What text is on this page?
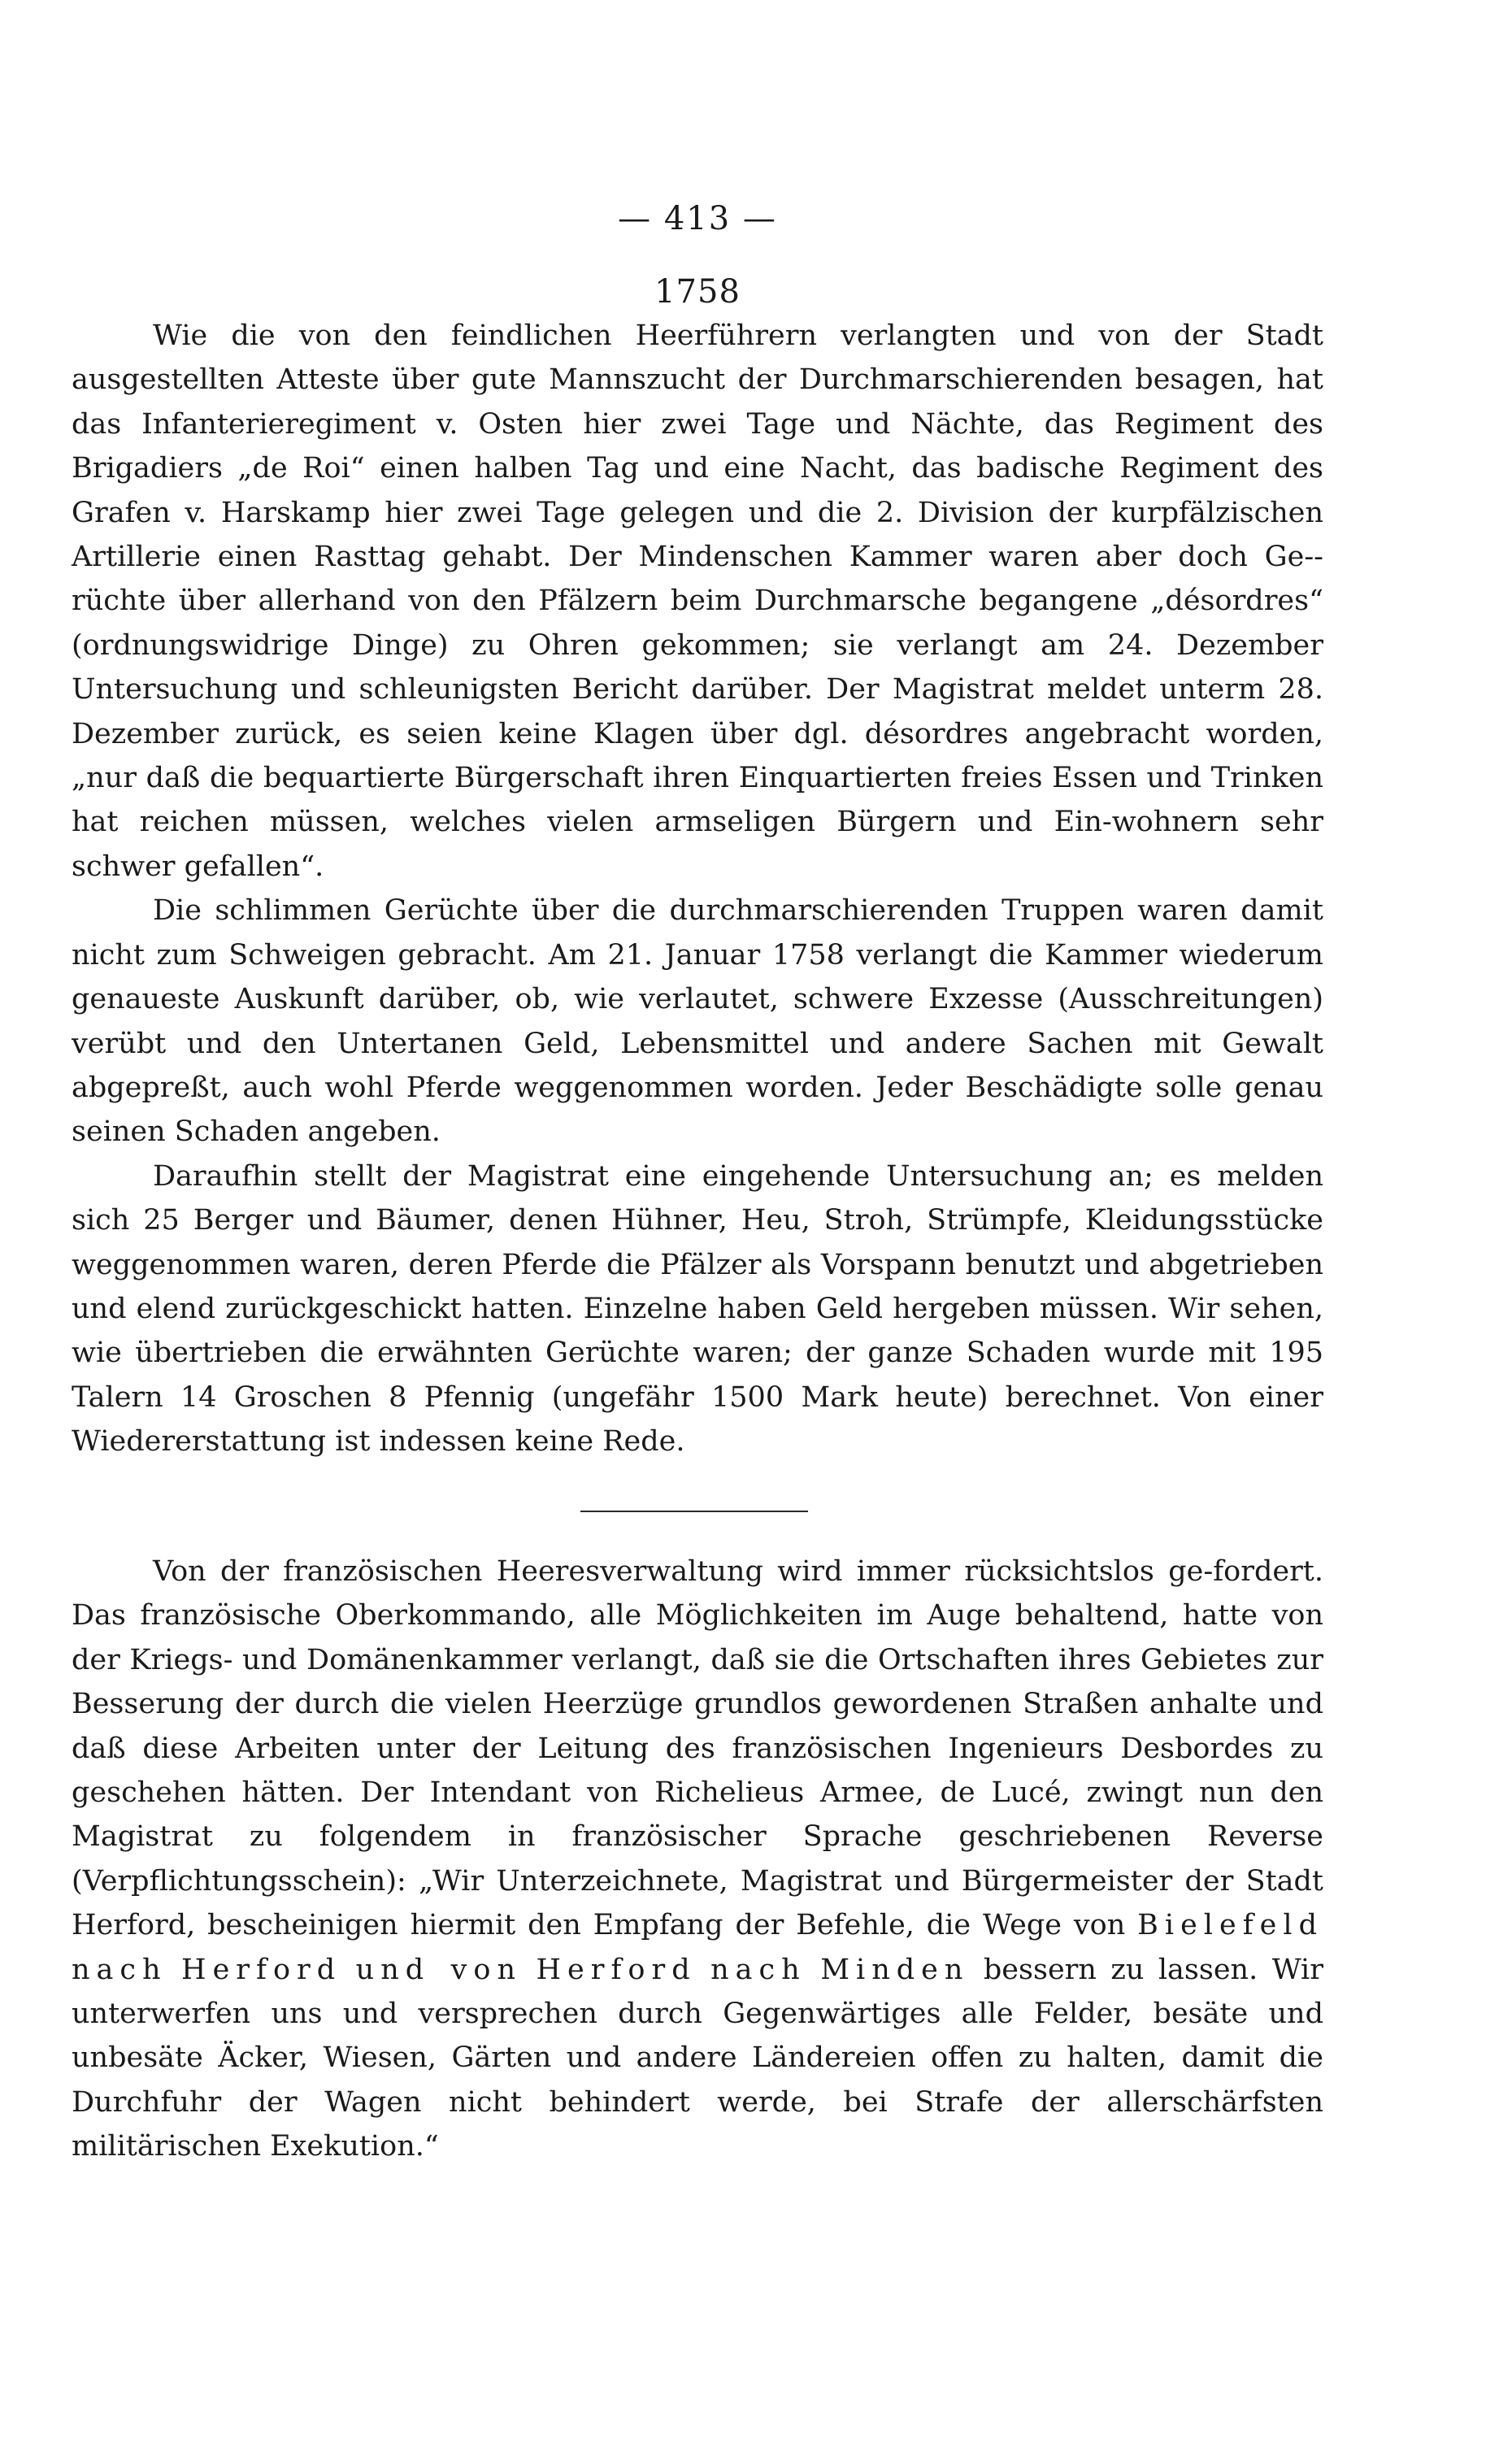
— 413 —
1758

Wie die von den feindlichen Heerführern verlangten und von der Stadt ausgestellten Atteste über gute Mannszucht der Durchmarschierenden besagen, hat das Infanterieregiment v. Osten hier zwei Tage und Nächte, das Regiment des Brigadiers „de Roi“ einen halben Tag und eine Nacht, das badische Regiment des Grafen v. Harskamp hier zwei Tage gelegen und die 2. Division der kurpfälzischen Artillerie einen Rasttag gehabt. Der Mindenschen Kammer waren aber doch Ge-rüchte über allerhand von den Pfälzern beim Durchmarsche begangene „désordres“ (ordnungswidrige Dinge) zu Ohren gekommen; sie verlangt am 24. Dezember Untersuchung und schleunigsten Bericht darüber. Der Magistrat meldet unterm 28. Dezember zurück, es seien keine Klagen über dgl. désordres angebracht worden, „nur daß die bequartierte Bürgerschaft ihren Einquartierten freies Essen und Trinken hat reichen müssen, welches vielen armseligen Bürgern und Ein-wohnern sehr schwer gefallen“.

Die schlimmen Gerüchte über die durchmarschierenden Truppen waren damit nicht zum Schweigen gebracht. Am 21. Januar 1758 verlangt die Kammer wiederum genaueste Auskunft darüber, ob, wie verlautet, schwere Exzesse (Ausschreitungen) verübt und den Untertanen Geld, Lebensmittel und andere Sachen mit Gewalt abgepreßt, auch wohl Pferde weggenommen worden. Jeder Beschädigte solle genau seinen Schaden angeben.

Daraufhin stellt der Magistrat eine eingehende Untersuchung an; es melden sich 25 Berger und Bäumer, denen Hühner, Heu, Stroh, Strümpfe, Kleidungsstücke weggenommen waren, deren Pferde die Pfälzer als Vorspann benutzt und abgetrieben und elend zurückgeschickt hatten. Einzelne haben Geld hergeben müssen. Wir sehen, wie übertrieben die erwähnten Gerüchte waren; der ganze Schaden wurde mit 195 Talern 14 Groschen 8 Pfennig (ungefähr 1500 Mark heute) berechnet. Von einer Wiedererstattung ist indessen keine Rede.

Von der französischen Heeresverwaltung wird immer rücksichtslos ge-fordert. Das französische Oberkommando, alle Möglichkeiten im Auge behaltend, hatte von der Kriegs- und Domänenkammer verlangt, daß sie die Ortschaften ihres Gebietes zur Besserung der durch die vielen Heerzüge grundlos gewordenen Straßen anhalte und daß diese Arbeiten unter der Leitung des französischen Ingenieurs Desbordes zu geschehen hätten. Der Intendant von Richelieus Armee, de Lucé, zwingt nun den Magistrat zu folgendem in französischer Sprache geschriebenen Reverse (Verpflichtungsschein): „Wir Unterzeichnete, Magistrat und Bürgermeister der Stadt Herford, bescheinigen hiermit den Empfang der Befehle, die Wege von Bielefeld nach Herford und von Herford nach Minden bessern zu lassen. Wir unterwerfen uns und versprechen durch Gegenwärtiges alle Felder, besäte und unbesäte Äcker, Wiesen, Gärten und andere Ländereien offen zu halten, damit die Durchfuhr der Wagen nicht behindert werde, bei Strafe der allerschärfsten militärischen Exekution.“
